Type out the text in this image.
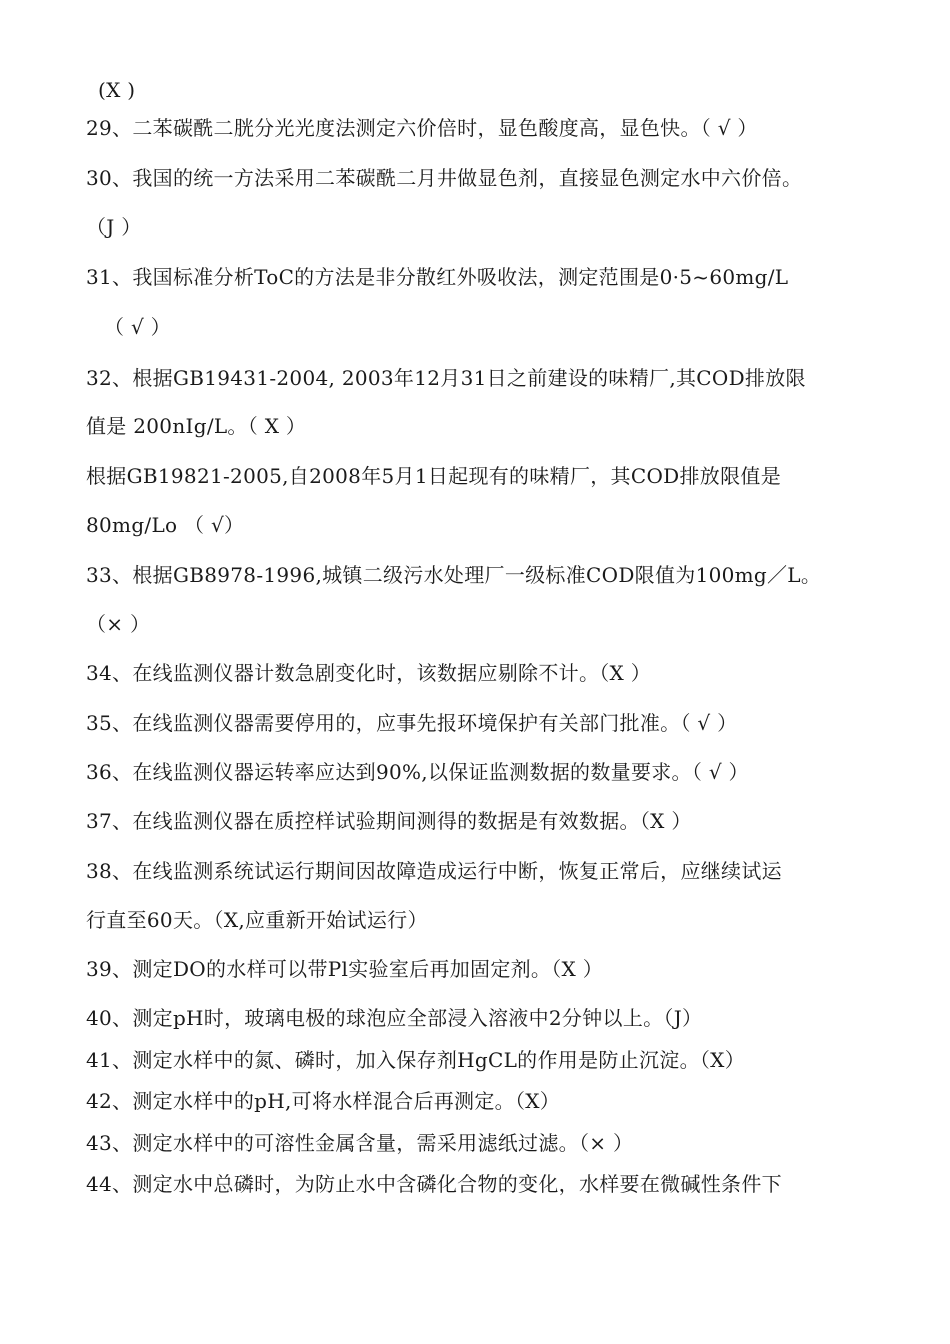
(X )
29、二苯碳酰二胱分光光度法测定六价倍时，显色酸度高，显色快。（ √ ）
30、我国的统一方法采用二苯碳酰二月井做显色剂，直接显色测定水中六价倍。
（J ）
31、我国标准分析ToC的方法是非分散红外吸收法，测定范围是0·5~60mg/L
（ √ ）
32、根据GB19431-2004, 2003年12月31日之前建设的味精厂,其COD排放限
值是 200nIg/L。（ X ）
根据GB19821-2005,自2008年5月1日起现有的味精厂，其COD排放限值是
80mg/Lo （ √）
33、根据GB8978-1996,城镇二级污水处理厂一级标准COD限值为100mg／L。
（× ）
34、在线监测仪器计数急剧变化时，该数据应剔除不计。（X ）
35、在线监测仪器需要停用的，应事先报环境保护有关部门批准。（ √ ）
36、在线监测仪器运转率应达到90%,以保证监测数据的数量要求。（ √ ）
37、在线监测仪器在质控样试验期间测得的数据是有效数据。（X ）
38、在线监测系统试运行期间因故障造成运行中断，恢复正常后，应继续试运
行直至60天。（X,应重新开始试运行）
39、测定DO的水样可以带Pl实验室后再加固定剂。（X ）
40、测定pH时，玻璃电极的球泡应全部浸入溶液中2分钟以上。（J）
41、测定水样中的氮、磷时，加入保存剂HgCL的作用是防止沉淀。（X）
42、测定水样中的pH,可将水样混合后再测定。（X）
43、测定水样中的可溶性金属含量，需采用滤纸过滤。（× ）
44、测定水中总磷时，为防止水中含磷化合物的变化，水样要在微碱性条件下
